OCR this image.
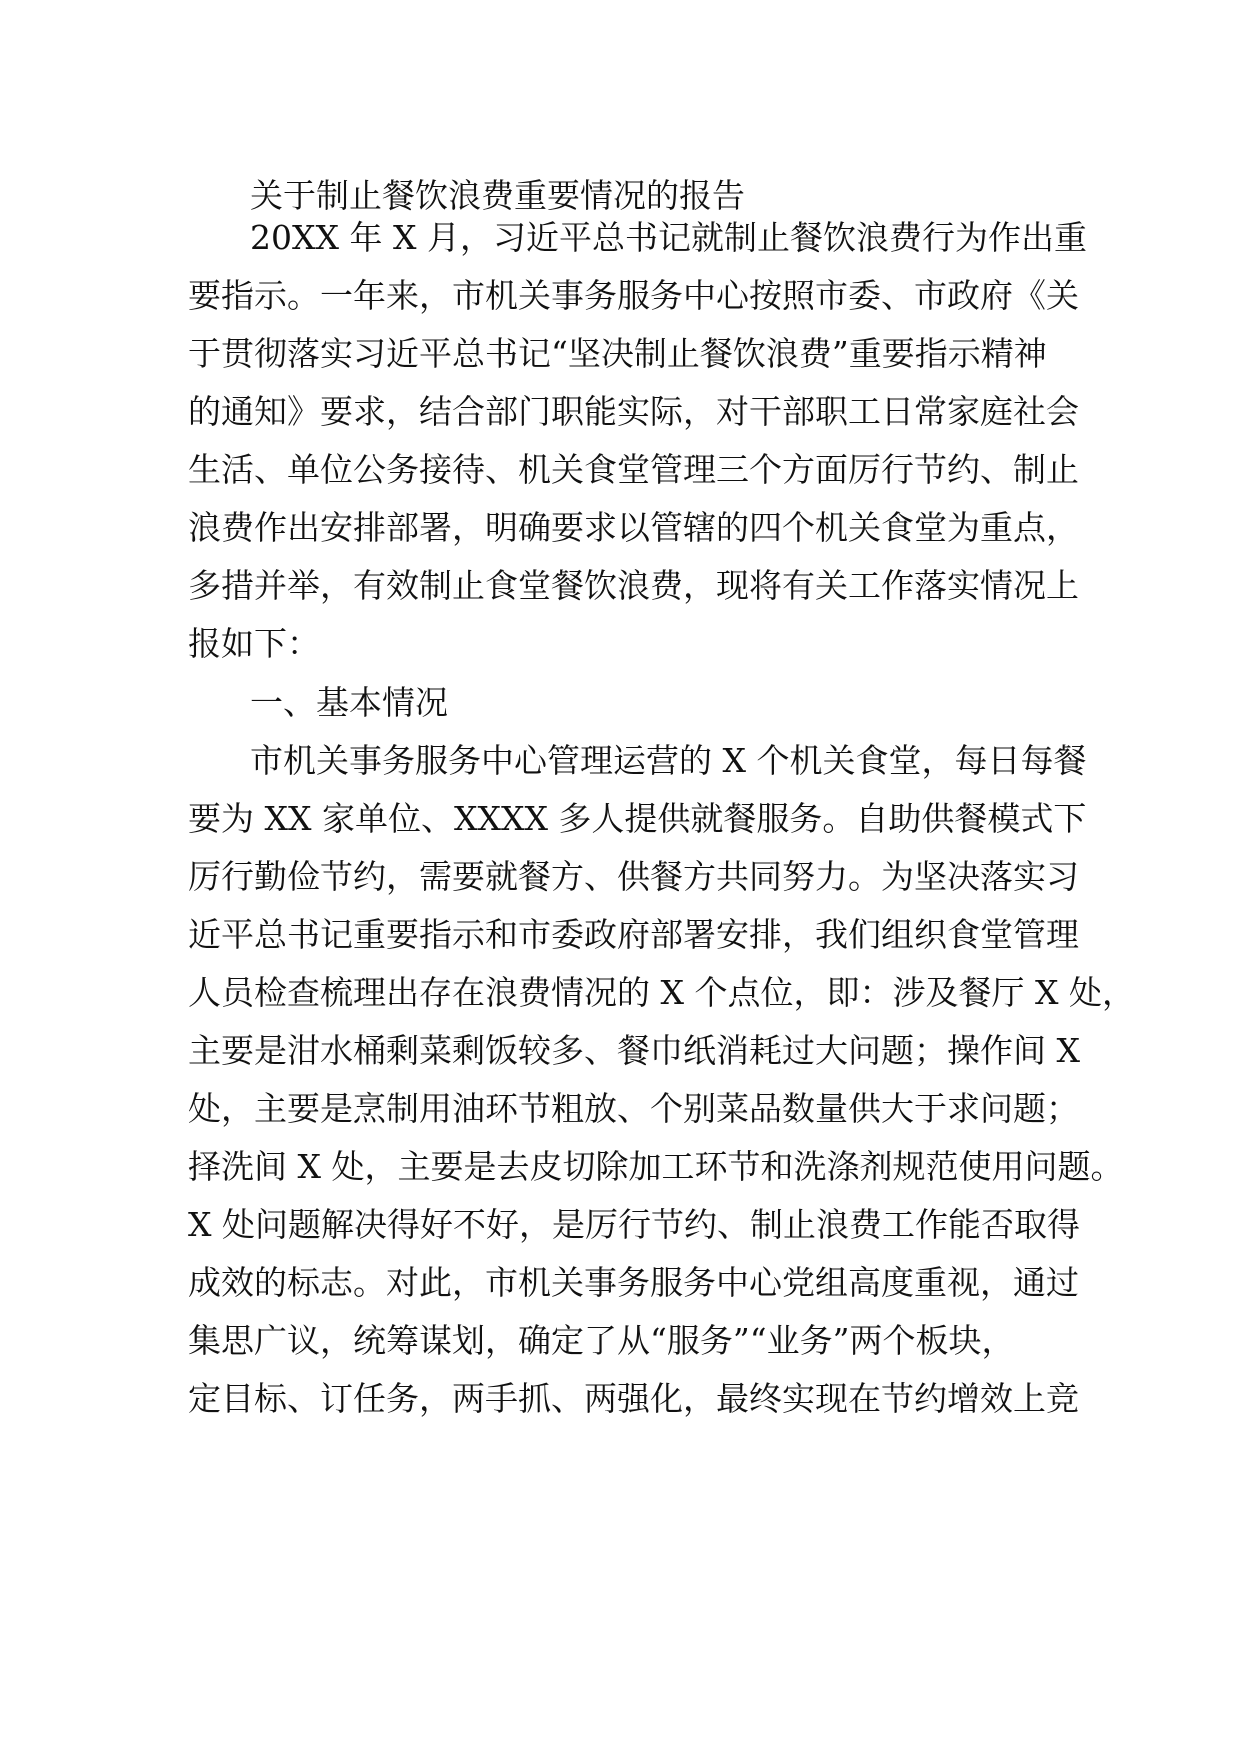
关于制止餐饮浪费重要情况的报告
20XX 年 X 月，习近平总书记就制止餐饮浪费行为作出重
要指示。一年来，市机关事务服务中心按照市委、市政府《关
于贯彻落实习近平总书记“坚决制止餐饮浪费”重要指示精神
的通知》要求，结合部门职能实际，对干部职工日常家庭社会
生活、单位公务接待、机关食堂管理三个方面厉行节约、制止
浪费作出安排部署，明确要求以管辖的四个机关食堂为重点，
多措并举，有效制止食堂餐饮浪费，现将有关工作落实情况上
报如下：
一、基本情况
市机关事务服务中心管理运营的 X 个机关食堂，每日每餐
要为 XX 家单位、XXXX 多人提供就餐服务。自助供餐模式下
厉行勤俭节约，需要就餐方、供餐方共同努力。为坚决落实习
近平总书记重要指示和市委政府部署安排，我们组织食堂管理
人员检查梳理出存在浪费情况的 X 个点位，即：涉及餐厅 X 处，
主要是泔水桶剩菜剩饭较多、餐巾纸消耗过大问题；操作间 X
处，主要是烹制用油环节粗放、个别菜品数量供大于求问题；
择洗间 X 处，主要是去皮切除加工环节和洗涤剂规范使用问题。
X 处问题解决得好不好，是厉行节约、制止浪费工作能否取得
成效的标志。对此，市机关事务服务中心党组高度重视，通过
集思广议，统筹谋划，确定了从“服务”“业务”两个板块，
定目标、订任务，两手抓、两强化，最终实现在节约增效上竞
